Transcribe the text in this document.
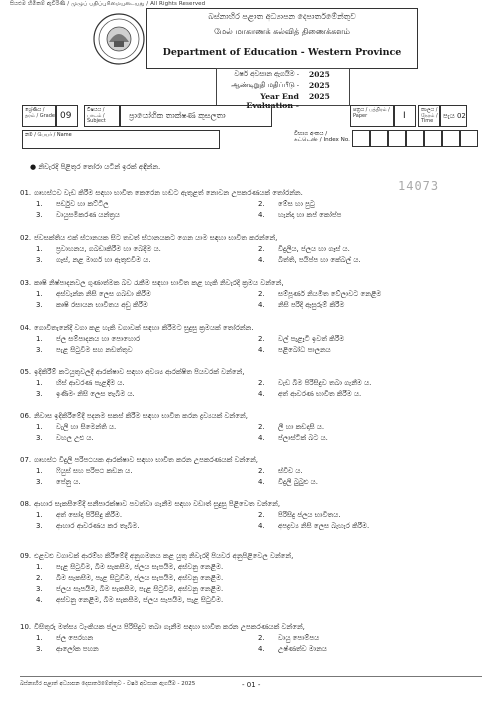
සියළුම හිමිකම් ඇවිරිණි / முழுப் பதிப்புரிமையுடையது / All Rights Reserved
බස්නාහිර පළාත අධ්‍යාපන දෙපාර්තමේන්තුව
மேல் மாகாணக் கல்வித் திணைக்களம்
Department of Education - Western Province
වර්ෂ අවසාන ඇගයීම - 2025
ஆண்டிறுதி மதிப்பீடு - 2025
Year End Evaluation -
2025
ශ්‍රේණිය / தரம் / Grade 09
විෂයය / பாடம் / Subject
ප්‍රායෝගික තාක්ෂණ කුසලතා
පත්‍රය / பத்திரம் / Paper	I
කාලය / நேரம் / Time
පැය 02
නම / பெயர் / Name	විභාග අංකය / சுட்டெண் / Index No.
● නිවැරදි පිළිතුර තෝරා යටින් ඉරක් අඳින්න.
14073
01. ගෘහස්ථව වැඩ කිරීම සඳහා භාවිත කෙරෙන හඬට ඇතුළත් නොවන උපකරණයක් තෝරන්න.
1. පර්ඩුව හා කට්ටිල	2. මේස හා පුටු
3. වායුසමීකරණ යන්ත්‍රය	4. හැන්දා හා කප් කෝප්ප
02. ජවසක්තිය එක් ස්ථානයක සිට තවත් ස්ථානයකට ගෙන යාම සඳහා භාවිත කරන්නේ,
1. ප්‍රවාහනය, ගබඩාකිරීම හා බෙදීම ය.	2. විදුලිය, ජලය හා ගෑස් ය.
3. ගෑස්, නළ මාර්ග හා ඇතුළුවීම ය.	4. බිත්ති, පයිප්ප හා කේබල් ය.
03. කෘෂි නිෂ්පාදනවල ගුණාත්මක බව රැකීම සඳහා භාවිත කළ හැකි නිවැරදි ක්‍රමය වන්නේ,
1. අස්වැන්න නිසි ලෙස ගබඩා කිරීම	2. සම්පූර්ණ නියමිත වේලාවට නෙළීම
3. කෘෂි රසායන භාවිතය අඩු කිරීම	4. නිසි පරිදි ඇසුරුම් කිරීම
04. ගොවිතැනේදී වගා කළ හැකි වගාවක් සඳහා කිරීමට සුදුසු ක්‍රමයක් තෝරන්න.
1. ජල සම්පාදනය හා පොහොර	2. වල් පැළෑටි ඉවත් කිරීම
3. පැළ සිටුවීම සහ නඩත්තුව	4. පළිබෝධ පාලනය
05. ඉදිකිරීම් කටයුතුවලදී ආරක්ෂාව සඳහා අවශ්‍ය ආරක්ෂිත පියවරක් වන්නේ,
1. හිස් ආවරණ පැළඳීම ය.	2. වැඩ බිම පිරිසිදුව තබා ගැනීම ය.
3. ඉණිමං නිසි ලෙස තැබීම ය.	4. අත් ආවරණ භාවිත කිරීම ය.
06. නිවාස ඉදිකිරීමේදී පදනම සකස් කිරීම සඳහා භාවිත කරන ද්‍රව්‍යයක් වන්නේ,
1. වැලි හා සිමෙන්ති ය.	2. ලී හා කඩදාසි ය.
3. වහල උළු ය.	4. ප්ලාස්ටික් බට ය.
07. ගෘහස්ථ විදුලි පරිපථයක ආරක්ෂාව සඳහා භාවිත කරන උපකරණයක් වන්නේ,
1. ෆියුස් සහ පරිපථ කඩන ය.	2. ස්විච ය.
3. පේනු ය.	4. විදුලි බුබුළු ය.
08. ආහාර සැකසීමේදී සනීපාරක්ෂාව පවත්වා ගැනීම සඳහා වඩාත් සුදුසු පිළිවෙත වන්නේ,
1. අත් සෝදා පිරිසිදු කිරීම.	2. පිරිසිදු ජලය භාවිතය.
3. ආහාර ආවරණය කර තැබීම.	4. අපද්‍රව්‍ය නිසි ලෙස බැහැර කිරීම.
09. එළවළු වගාවක් ආරම්භ කිරීමේදී අනුගමනය කළ යුතු නිවැරදි පියවර අනුපිළිවෙල වන්නේ,
1. පැළ සිටුවීම, බිම සැකසීම, ජලය සැපයීම, අස්වනු නෙළීම.
2. බිම සැකසීම, පැළ සිටුවීම, ජලය සැපයීම, අස්වනු නෙළීම.
3. ජලය සැපයීම, බිම සැකසීම, පැළ සිටුවීම, අස්වනු නෙළීම.
4. අස්වනු නෙළීම, බිම සැකසීම, ජලය සැපයීම, පැළ සිටුවීම.
10. විසිතුරු මත්ස්‍ය ටැංකියක ජලය පිරිසිදුව තබා ගැනීම සඳහා භාවිත කරන උපකරණයක් වන්නේ,
1. ජල පෙරහන	2. වායු පොම්පය
3. ආලෝක පහන	4. උෂ්ණත්ව මානය
බස්නාහිර පළාත් අධ්‍යාපන දෙපාර්තමේන්තුව - වර්ෂ අවසාන ඇගයීම - 2025	- 01 -
